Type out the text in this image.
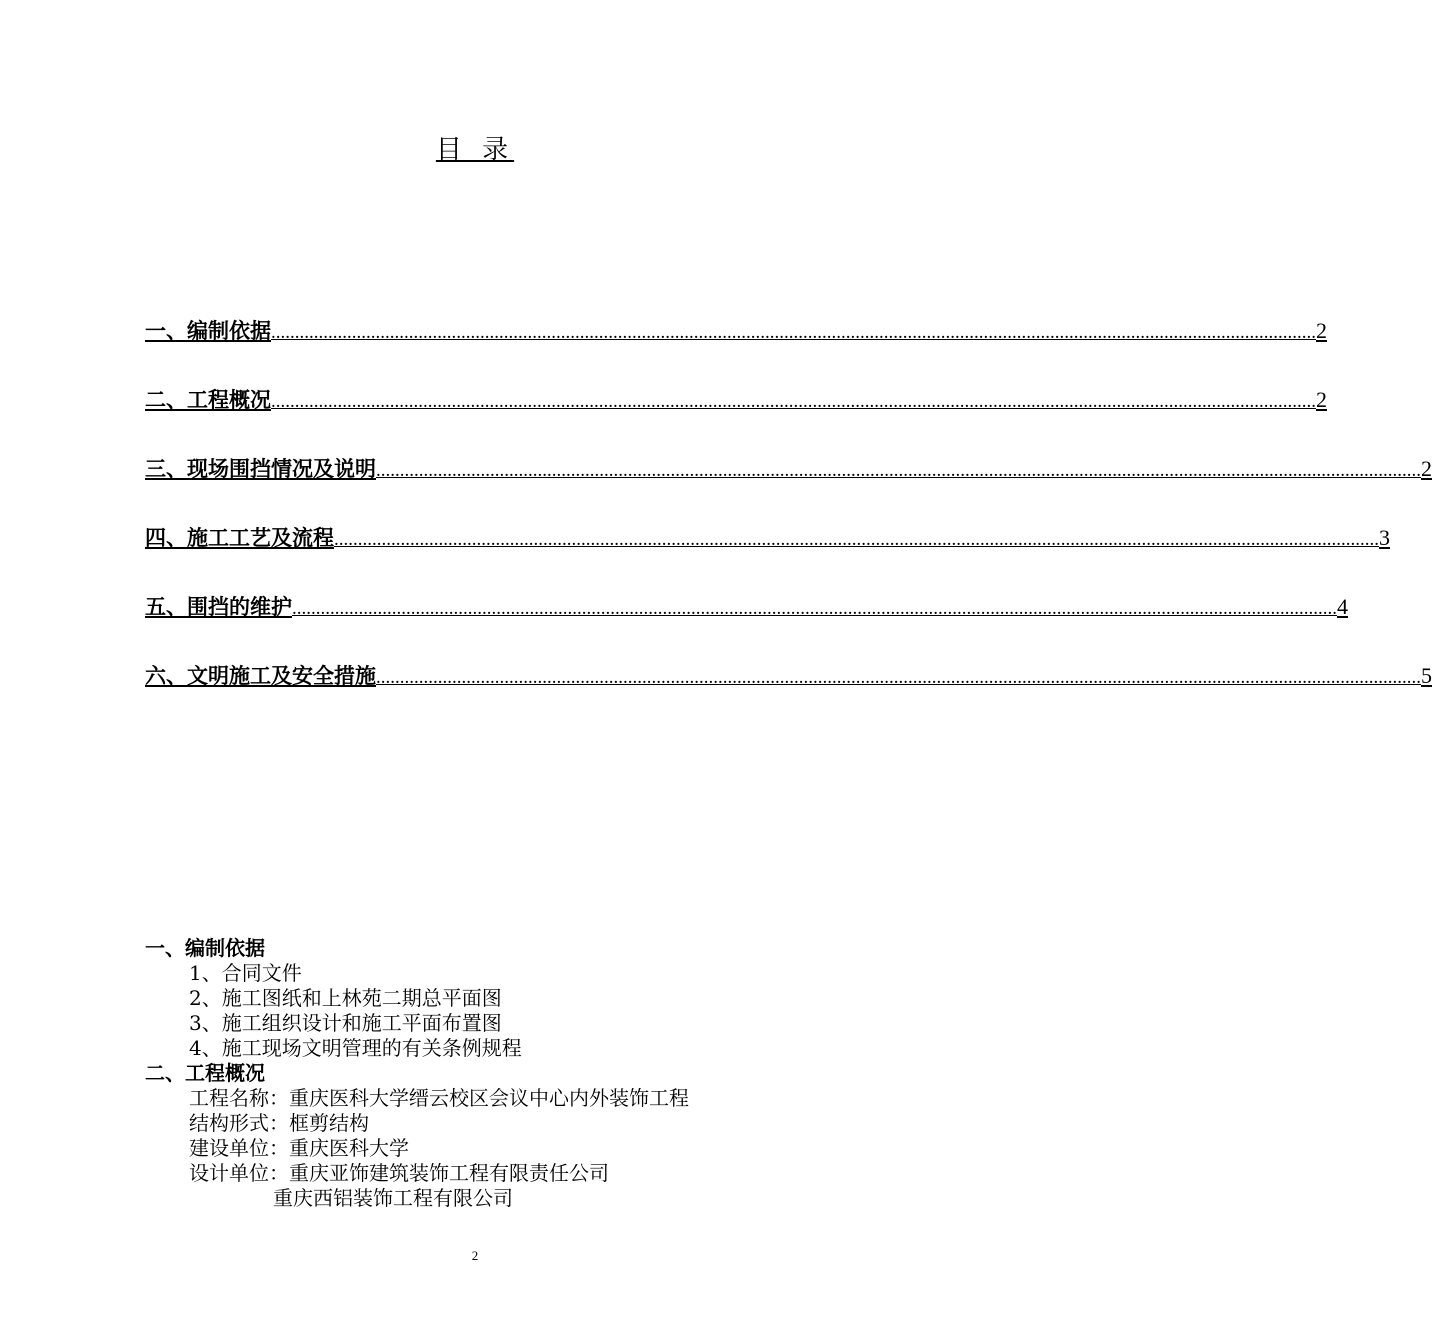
目 录
一、编制依据 ............................................................................................................................................................................................................................ 2
二、工程概况 ............................................................................................................................................................................................................................ 2
三、现场围挡情况及说明 ............................................................................................................................................................................................................................ 2
四、施工工艺及流程 ............................................................................................................................................................................................................................ 3
五、围挡的维护 ............................................................................................................................................................................................................................ 4
六、文明施工及安全措施 ............................................................................................................................................................................................................................ 5
一、编制依据
1、合同文件
2、施工图纸和上林苑二期总平面图
3、施工组织设计和施工平面布置图
4、施工现场文明管理的有关条例规程
二、工程概况
工程名称：重庆医科大学缙云校区会议中心内外装饰工程
结构形式：框剪结构
建设单位：重庆医科大学
设计单位：重庆亚饰建筑装饰工程有限责任公司
重庆西铝装饰工程有限公司
2
